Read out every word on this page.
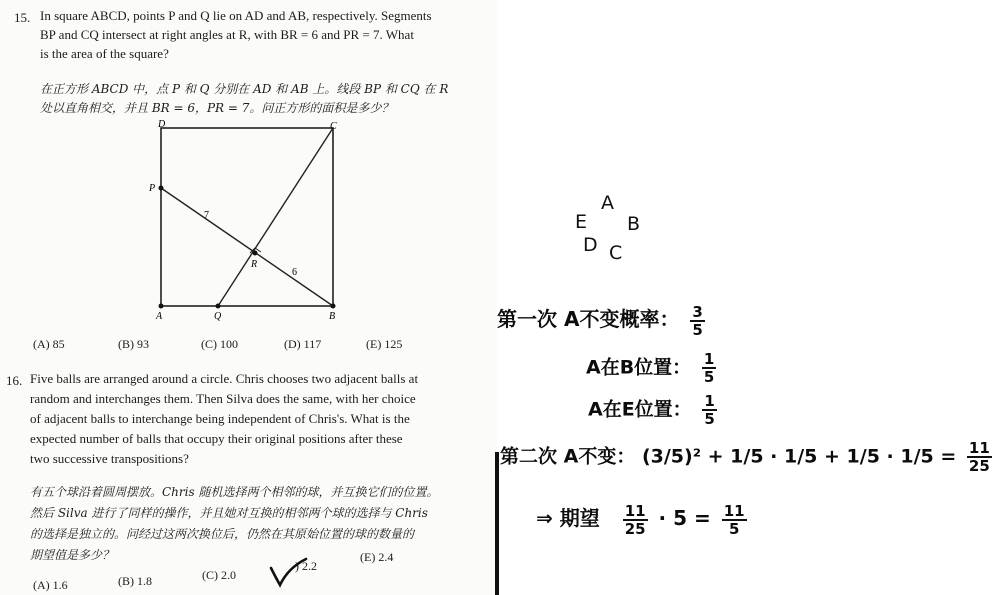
15. In square ABCD, points P and Q lie on AD and AB, respectively. Segments
BP and CQ intersect at right angles at R, with BR = 6 and PR = 7. What
is the area of the square?
在正方形 ABCD 中，点 P 和 Q 分别在 AD 和 AB 上。线段 BP 和 CQ 在 R
处以直角相交，并且 BR = 6，PR = 7。问正方形的面积是多少？
D	C
P
A	Q	B
R
7
6
(A) 85	(B) 93	(C) 100	(D) 117	(E) 125
16. Five balls are arranged around a circle. Chris chooses two adjacent balls at
random and interchanges them. Then Silva does the same, with her choice
of adjacent balls to interchange being independent of Chris's. What is the
expected number of balls that occupy their original positions after these
two successive transpositions?
有五个球沿着圆周摆放。Chris 随机选择两个相邻的球，并互换它们的位置。
然后 Silva 进行了同样的操作，并且她对互换的相邻两个球的选择与 Chris
的选择是独立的。问经过这两次换位后，仍然在其原始位置的球的数量的
期望值是多少？
(A) 1.6	(B) 1.8	(C) 2.0
) 2.2
(E) 2.4
A
E B
D C
第一次 A不变概率： $\frac{3}{5}$
A在B位置： $\frac{1}{5}$
A在E位置： $\frac{1}{5}$
第二次 A不变： $(3/5)^2 + 1/5 \cdot 1/5 + 1/5 \cdot 1/5 = \frac{11}{25}$
⇒ 期望 $\frac{11}{25} \cdot 5 = \frac{11}{5}$
